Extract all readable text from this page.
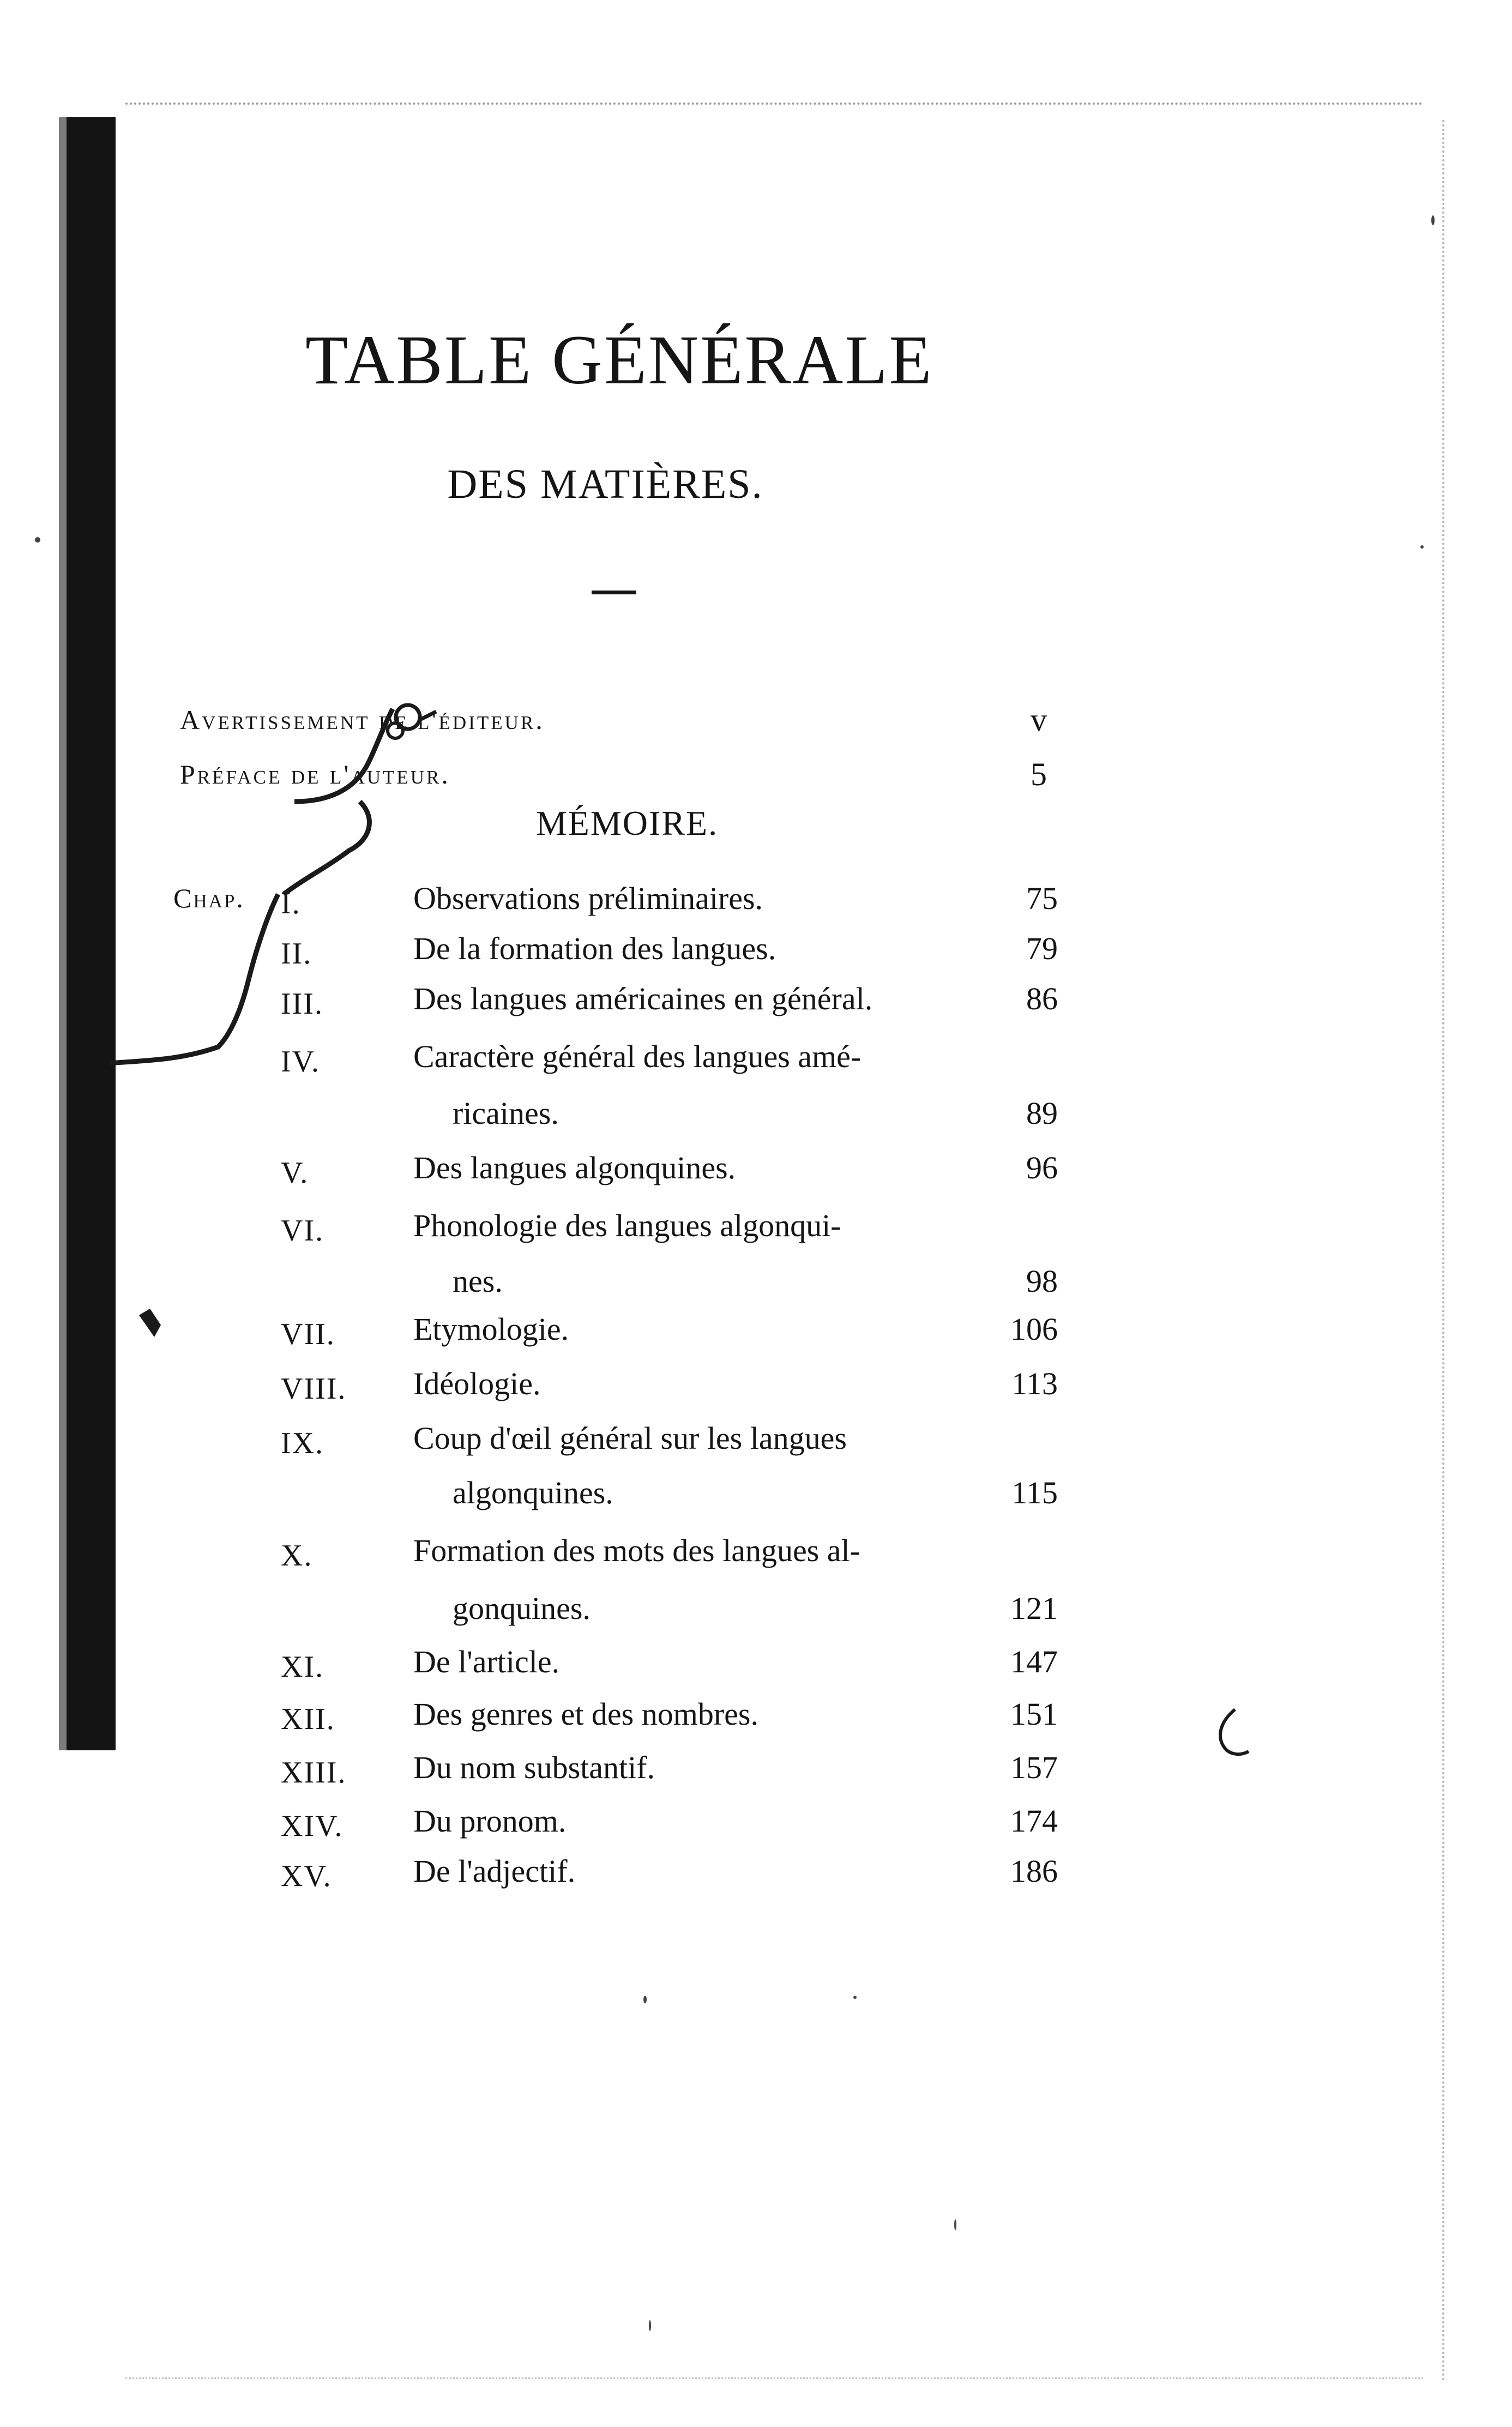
TABLE GÉNÉRALE
DES MATIÈRES.
Avertissement de l'éditeur.	v
Préface de l'auteur.	5
MÉMOIRE.
Chap. I.	Observations préliminaires.	75
II.	De la formation des langues.	79
III.	Des langues américaines en général.	86
IV.	Caractère général des langues amé-
ricaines.	89
V.	Des langues algonquines.	96
VI.	Phonologie des langues algonqui-
nes.	98
VII. Etymologie.	106
VIII. Idéologie.	113
IX.	Coup d'œil général sur les langues
algonquines.	115
X.	Formation des mots des langues al-
gonquines.	121
XI.	De l'article.	147
XII. Des genres et des nombres.	151
XIII. Du nom substantif.	157
XIV. Du pronom.	174
XV.	De l'adjectif.	186
